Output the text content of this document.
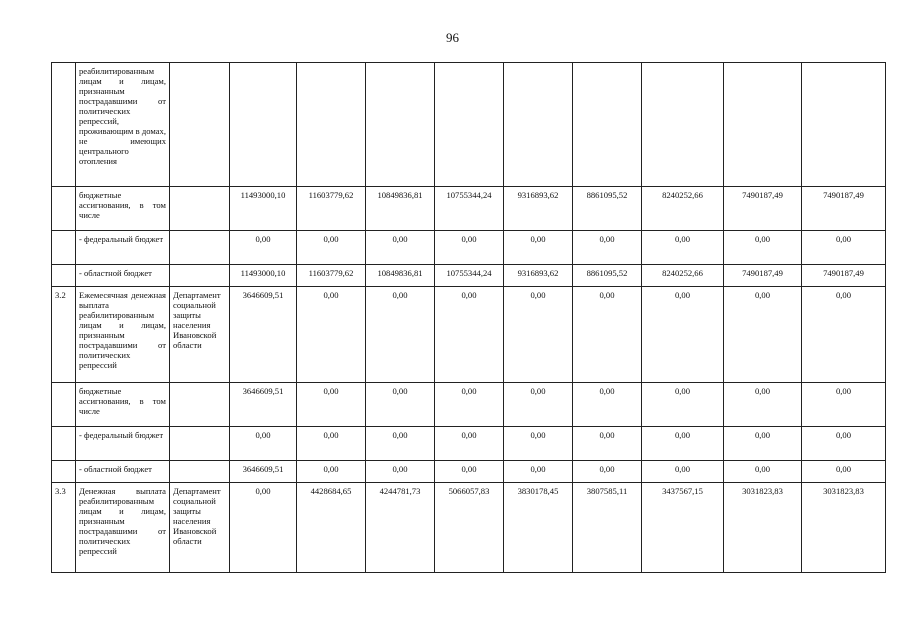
96
	реабилитированным лицам и лицам, признанным пострадавшими от политических репрессий, проживающим в домах, не имеющих центрального отопления										
	бюджетные ассигнования, в том числе		11493000,10	11603779,62	10849836,81	10755344,24	9316893,62	8861095,52	8240252,66	7490187,49	7490187,49
	- федеральный бюджет		0,00	0,00	0,00	0,00	0,00	0,00	0,00	0,00	0,00
	- областной бюджет		11493000,10	11603779,62	10849836,81	10755344,24	9316893,62	8861095,52	8240252,66	7490187,49	7490187,49
3.2	Ежемесячная денежная выплата реабилитированным лицам и лицам, признанным пострадавшими от политических репрессий	Департамент социальной защиты населения Ивановской области	3646609,51	0,00	0,00	0,00	0,00	0,00	0,00	0,00	0,00
	бюджетные ассигнования, в том числе		3646609,51	0,00	0,00	0,00	0,00	0,00	0,00	0,00	0,00
	- федеральный бюджет		0,00	0,00	0,00	0,00	0,00	0,00	0,00	0,00	0,00
	- областной бюджет		3646609,51	0,00	0,00	0,00	0,00	0,00	0,00	0,00	0,00
3.3	Денежная выплата реабилитированным лицам и лицам, признанным пострадавшими от политических репрессий	Департамент социальной защиты населения Ивановской области	0,00	4428684,65	4244781,73	5066057,83	3830178,45	3807585,11	3437567,15	3031823,83	3031823,83
